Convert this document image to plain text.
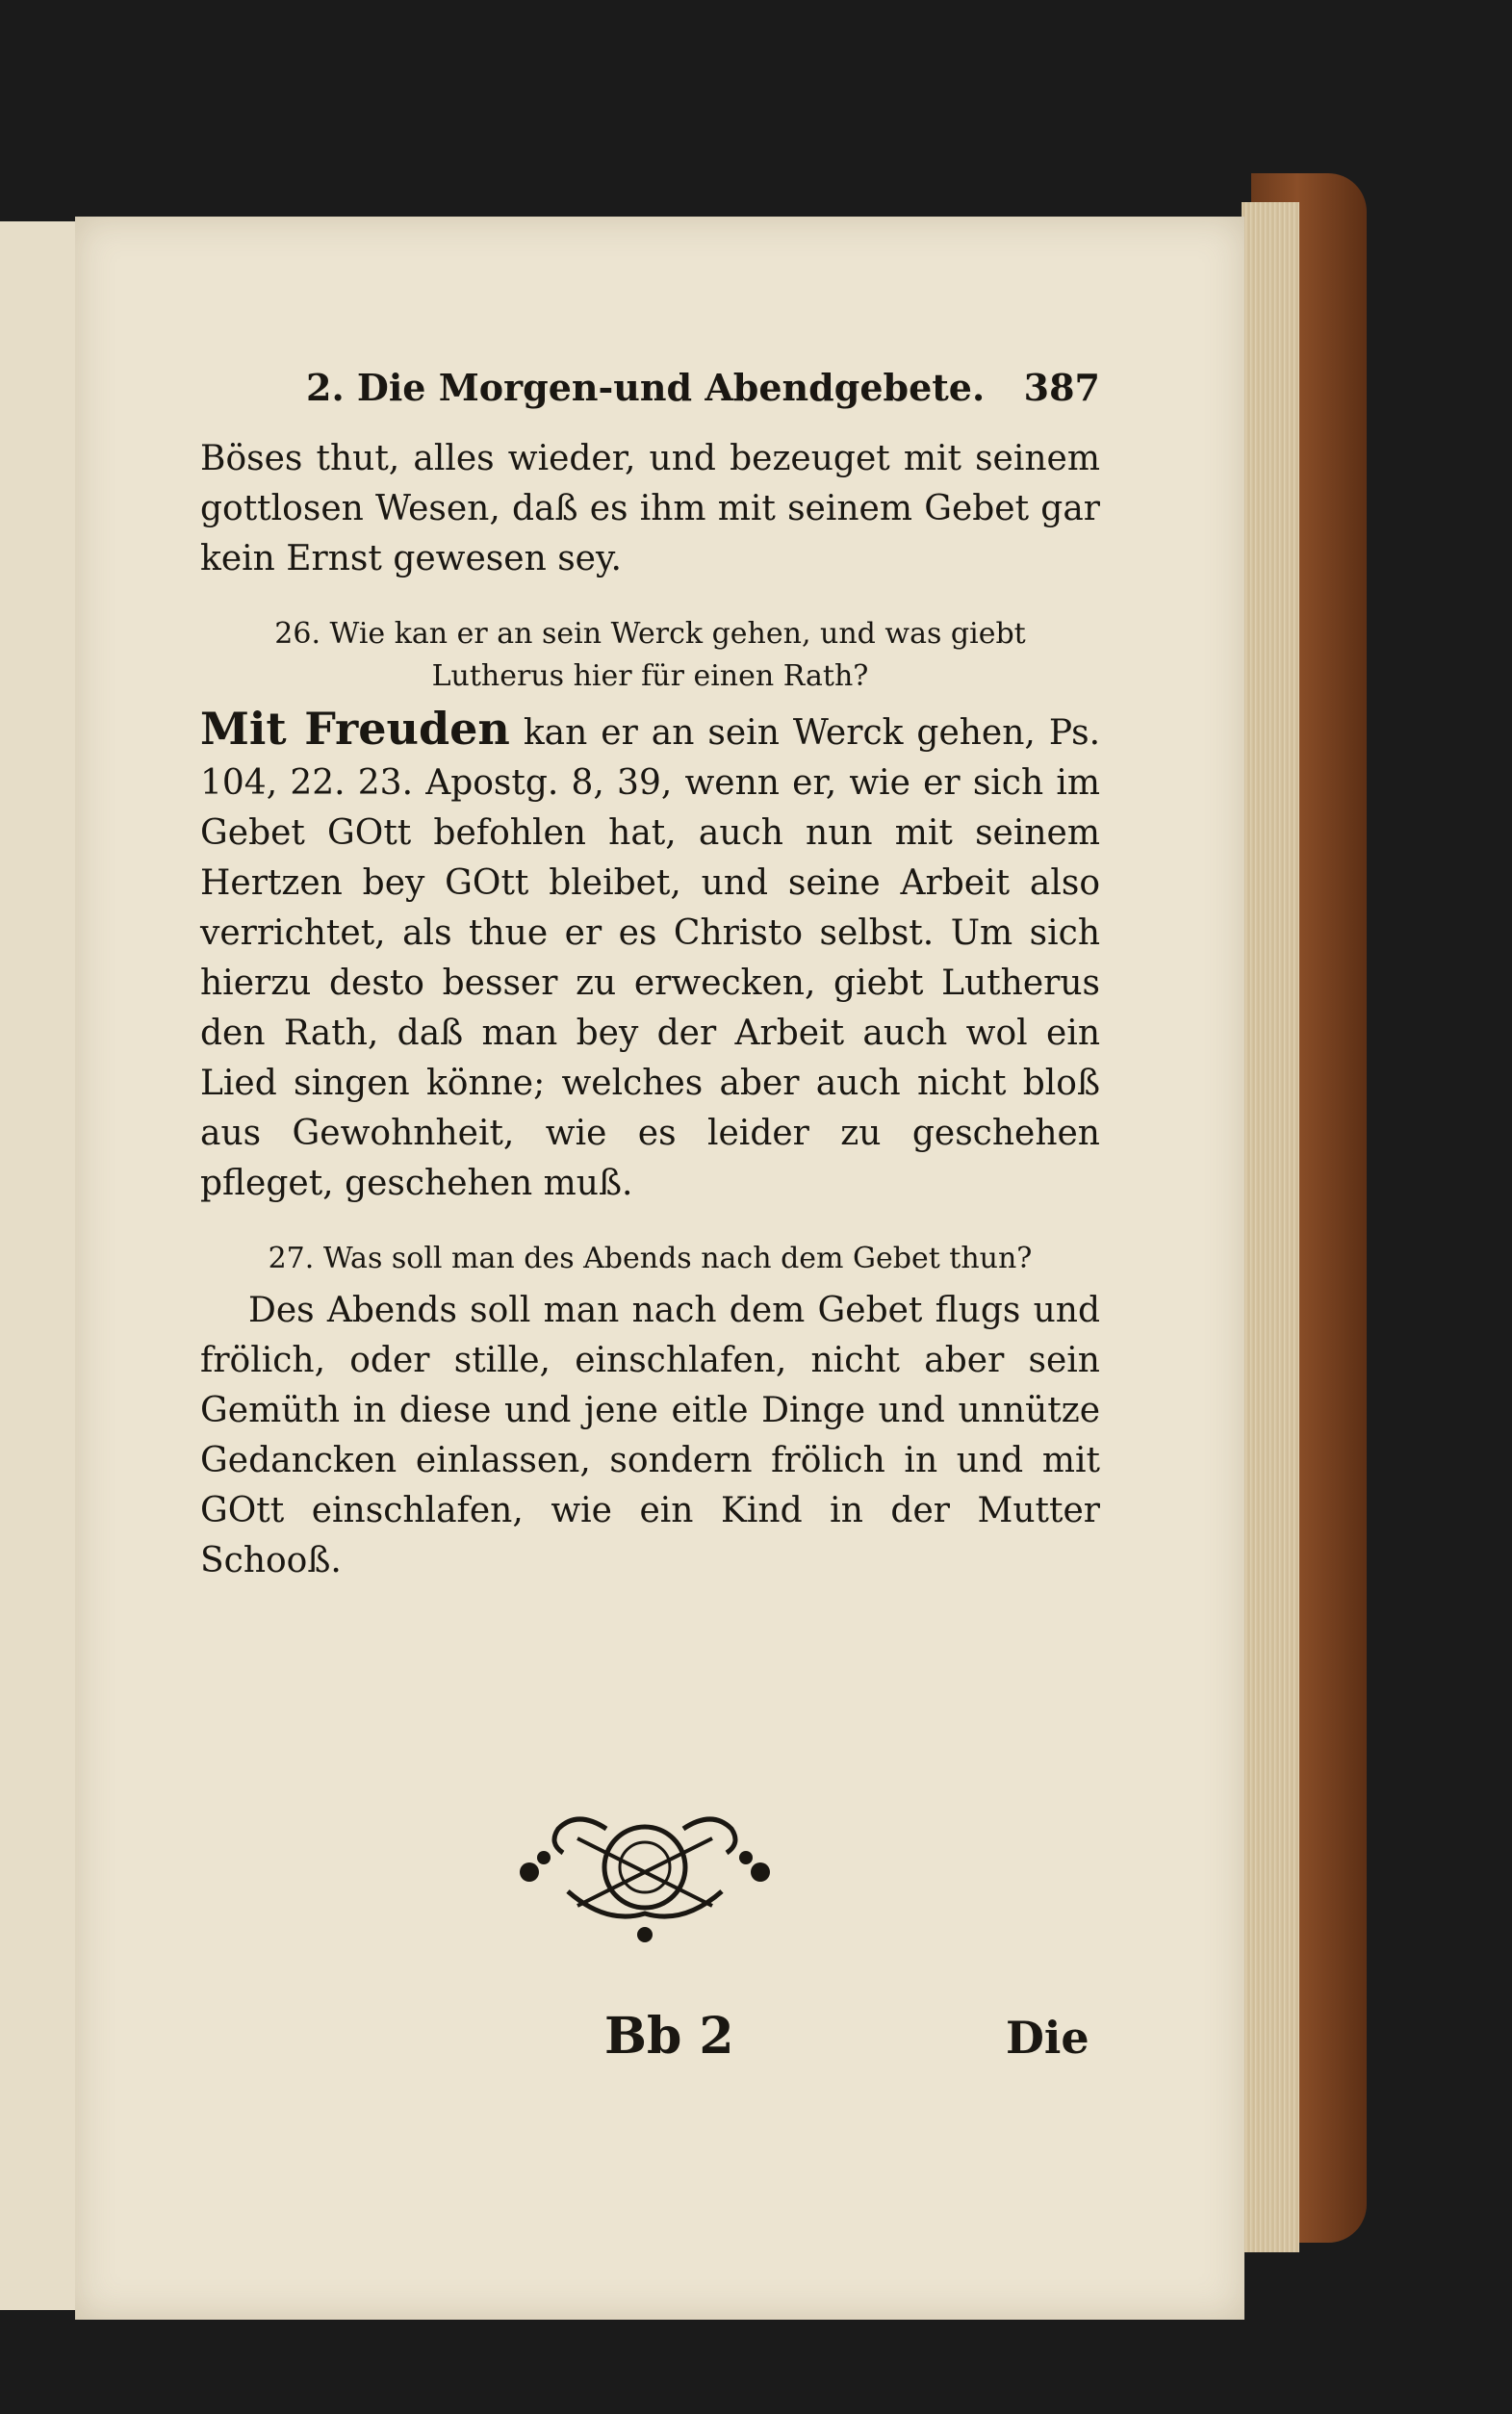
2. Die Morgen-und Abendgebete. 387

Böses thut, alles wieder, und bezeuget mit seinem gottlosen Wesen, daß es ihm mit seinem Gebet gar kein Ernst gewesen sey.

26. Wie kan er an sein Werck gehen, und was giebt Lutherus hier für einen Rath?

Mit Freuden kan er an sein Werck gehen, Ps. 104, 22. 23. Apostg. 8, 39, wenn er, wie er sich im Gebet GOtt befohlen hat, auch nun mit seinem Hertzen bey GOtt bleibet, und seine Arbeit also verrichtet, als thue er es Christo selbst. Um sich hierzu desto besser zu erwecken, giebt Lutherus den Rath, daß man bey der Arbeit auch wol ein Lied singen könne; welches aber auch nicht bloß aus Gewohnheit, wie es leider zu geschehen pfleget, geschehen muß.

27. Was soll man des Abends nach dem Gebet thun?

Des Abends soll man nach dem Gebet flugs und frölich, oder stille, einschlafen, nicht aber sein Gemüth in diese und jene eitle Dinge und unnütze Gedancken einlassen, sondern frölich in und mit GOtt einschlafen, wie ein Kind in der Mutter Schooß.

Bb 2	Die
